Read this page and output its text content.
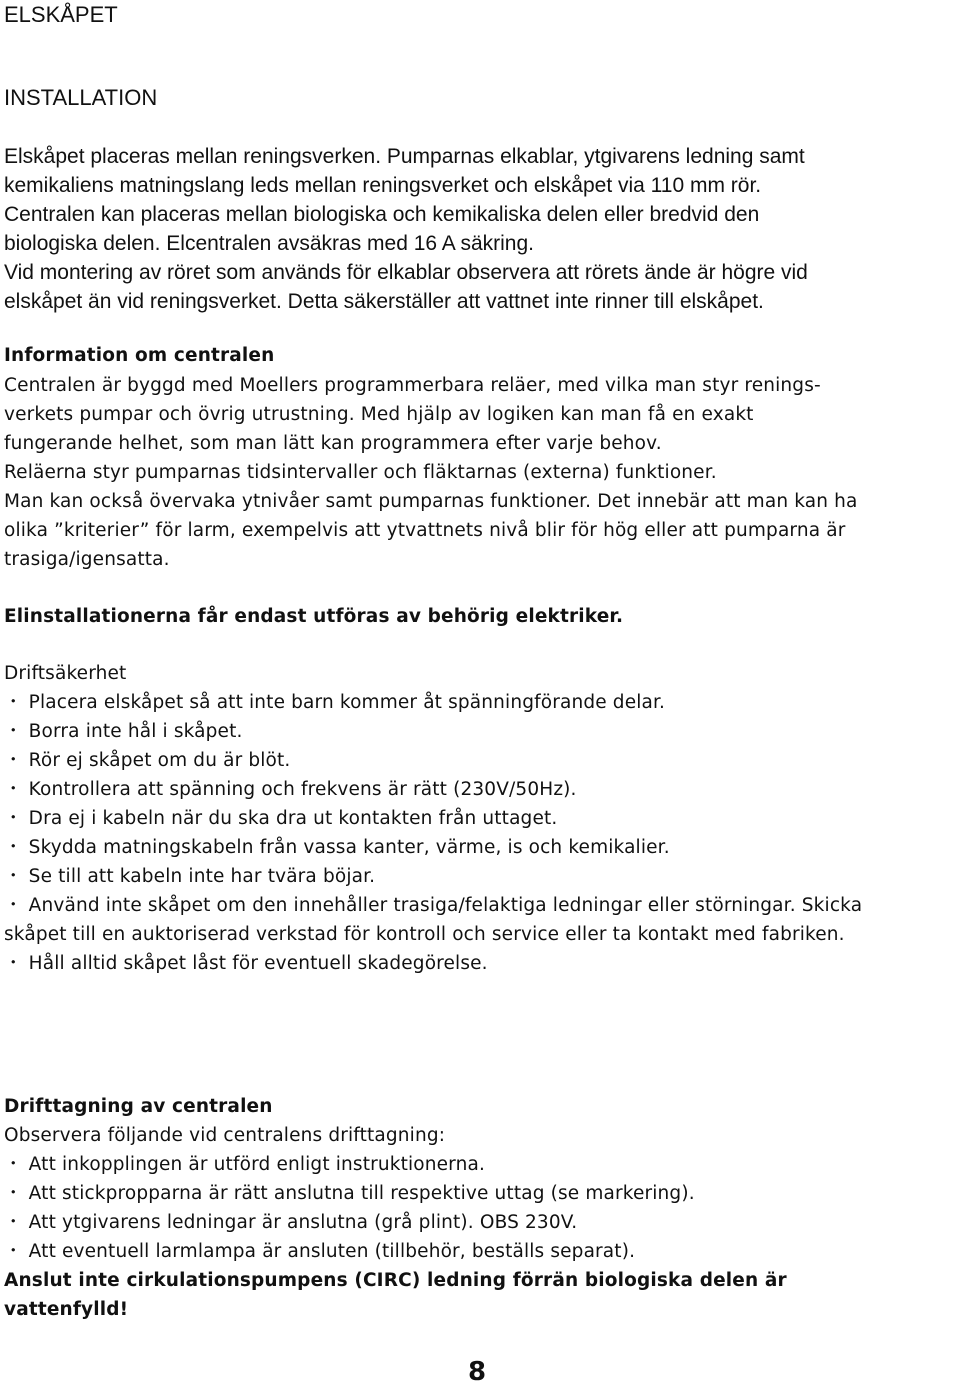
ELSKÅPET
INSTALLATION
Elskåpet placeras mellan reningsverken. Pumparnas elkablar, ytgivarens ledning samt
kemikaliens matningslang leds mellan reningsverket och elskåpet via 110 mm rör.
Centralen kan placeras mellan biologiska och kemikaliska delen eller bredvid den
biologiska delen. Elcentralen avsäkras med 16 A säkring.
Vid montering av röret som används för elkablar observera att rörets ände är högre vid
elskåpet än vid reningsverket. Detta säkerställer att vattnet inte rinner till elskåpet.
Information om centralen
Centralen är byggd med Moellers programmerbara reläer, med vilka man styr renings-
verkets pumpar och övrig utrustning. Med hjälp av logiken kan man få en exakt
fungerande helhet, som man lätt kan programmera efter varje behov.
Reläerna styr pumparnas tidsintervaller och fläktarnas (externa) funktioner.
Man kan också övervaka ytnivåer samt pumparnas funktioner. Det innebär att man kan ha
olika ”kriterier” för larm, exempelvis att ytvattnets nivå blir för hög eller att pumparna är
trasiga/igensatta.
Elinstallationerna får endast utföras av behörig elektriker.
Driftsäkerhet
・ Placera elskåpet så att inte barn kommer åt spänningförande delar.
・ Borra inte hål i skåpet.
・ Rör ej skåpet om du är blöt.
・ Kontrollera att spänning och frekvens är rätt (230V/50Hz).
・ Dra ej i kabeln när du ska dra ut kontakten från uttaget.
・ Skydda matningskabeln från vassa kanter, värme, is och kemikalier.
・ Se till att kabeln inte har tvära böjar.
・ Använd inte skåpet om den innehåller trasiga/felaktiga ledningar eller störningar. Skicka
skåpet till en auktoriserad verkstad för kontroll och service eller ta kontakt med fabriken.
・ Håll alltid skåpet låst för eventuell skadegörelse.
Drifttagning av centralen
Observera följande vid centralens drifttagning:
・ Att inkopplingen är utförd enligt instruktionerna.
・ Att stickpropparna är rätt anslutna till respektive uttag (se markering).
・ Att ytgivarens ledningar är anslutna (grå plint). OBS 230V.
・ Att eventuell larmlampa är ansluten (tillbehör, beställs separat).
Anslut inte cirkulationspumpens (CIRC) ledning förrän biologiska delen är
vattenfylld!
8
